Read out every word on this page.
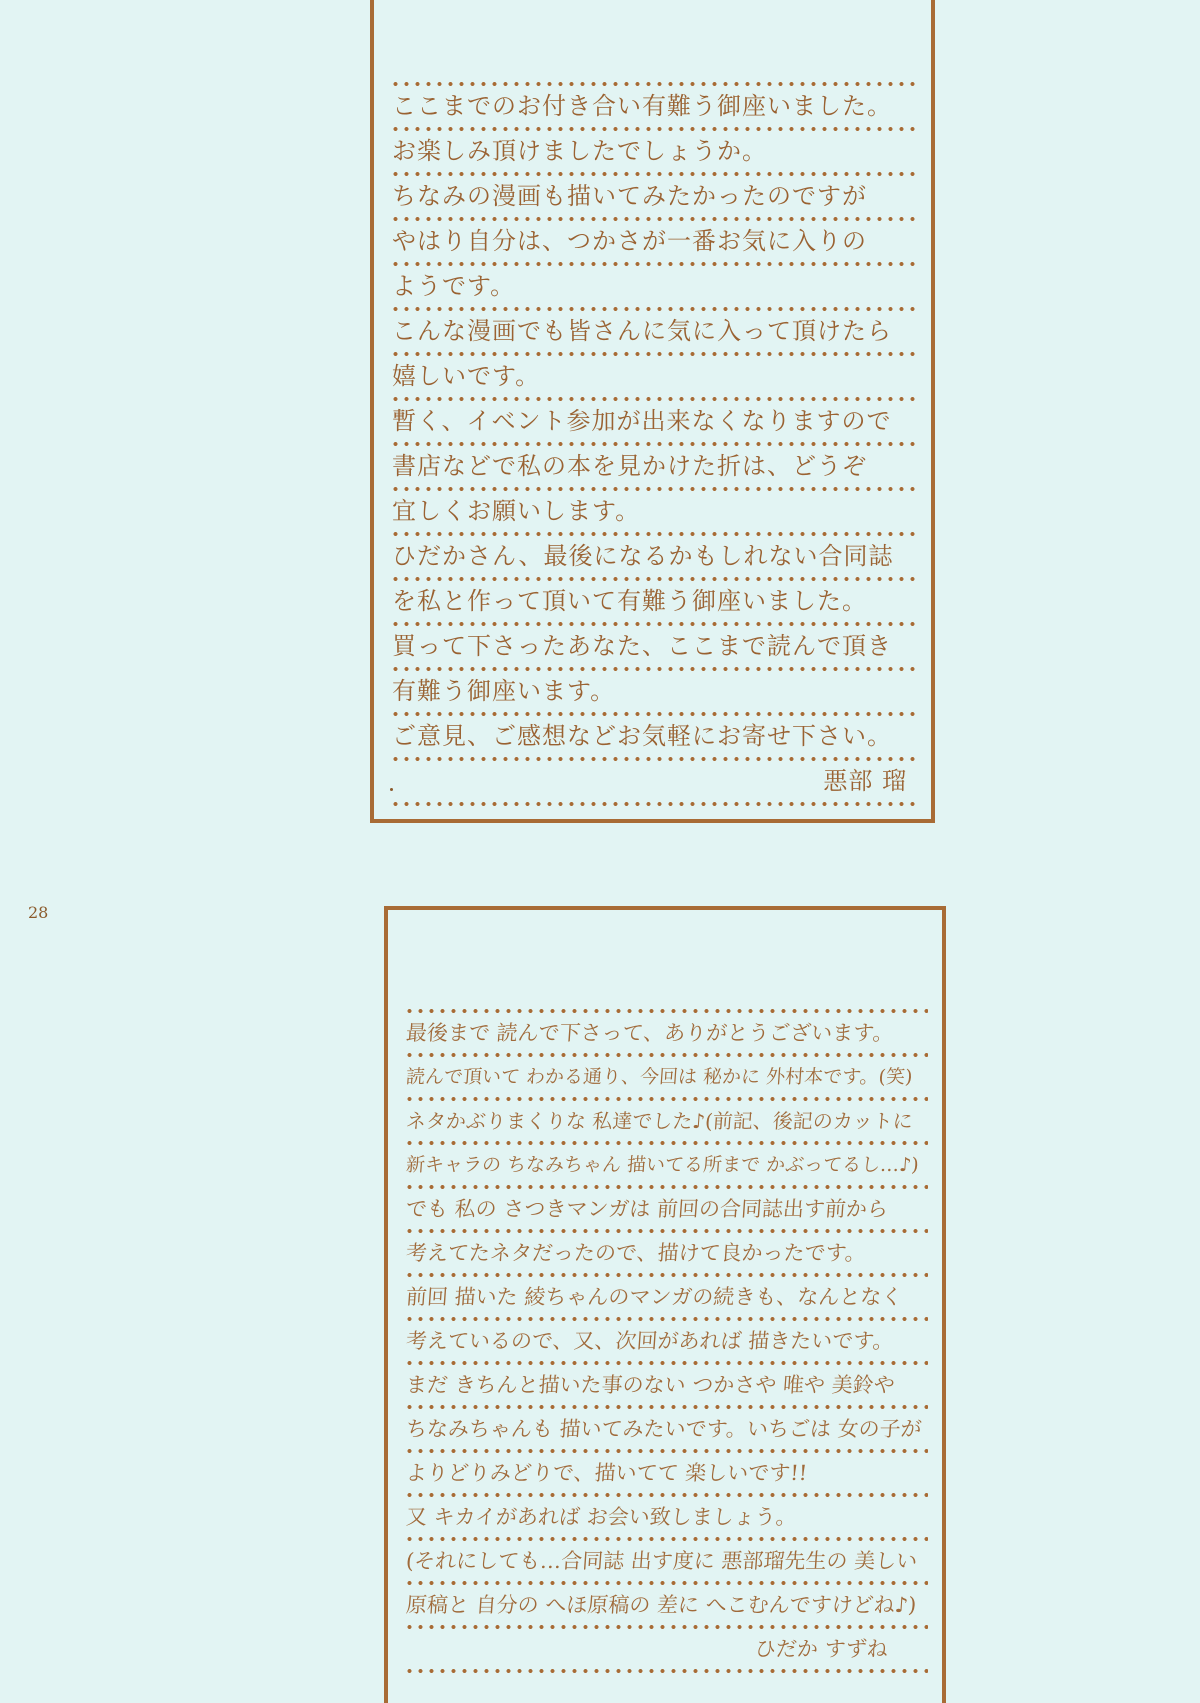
ここまでのお付き合い有難う御座いました。
お楽しみ頂けましたでしょうか。
ちなみの漫画も描いてみたかったのですが
やはり自分は、つかさが一番お気に入りの
ようです。
こんな漫画でも皆さんに気に入って頂けたら
嬉しいです。
暫く、イベント参加が出来なくなりますので
書店などで私の本を見かけた折は、どうぞ
宜しくお願いします。
ひだかさん、最後になるかもしれない合同誌
を私と作って頂いて有難う御座いました。
買って下さったあなた、ここまで読んで頂き
有難う御座います。
ご意見、ご感想などお気軽にお寄せ下さい。
悪部 瑠
28
最後まで 読んで下さって、ありがとうございます。
読んで頂いて わかる通り、今回は 秘かに 外村本です。(笑)
ネタかぶりまくりな 私達でした♪(前記、後記のカットに
新キャラの ちなみちゃん 描いてる所まで かぶってるし…♪)
でも 私の さつきマンガは 前回の合同誌出す前から
考えてたネタだったので、描けて良かったです。
前回 描いた 綾ちゃんのマンガの続きも、なんとなく
考えているので、又、次回があれば 描きたいです。
まだ きちんと描いた事のない つかさや 唯や 美鈴や
ちなみちゃんも 描いてみたいです。いちごは 女の子が
よりどりみどりで、描いてて 楽しいです!!
又 キカイがあれば お会い致しましょう。
(それにしても…合同誌 出す度に 悪部瑠先生の 美しい
原稿と 自分の へほ原稿の 差に へこむんですけどね♪)
ひだか すずね
